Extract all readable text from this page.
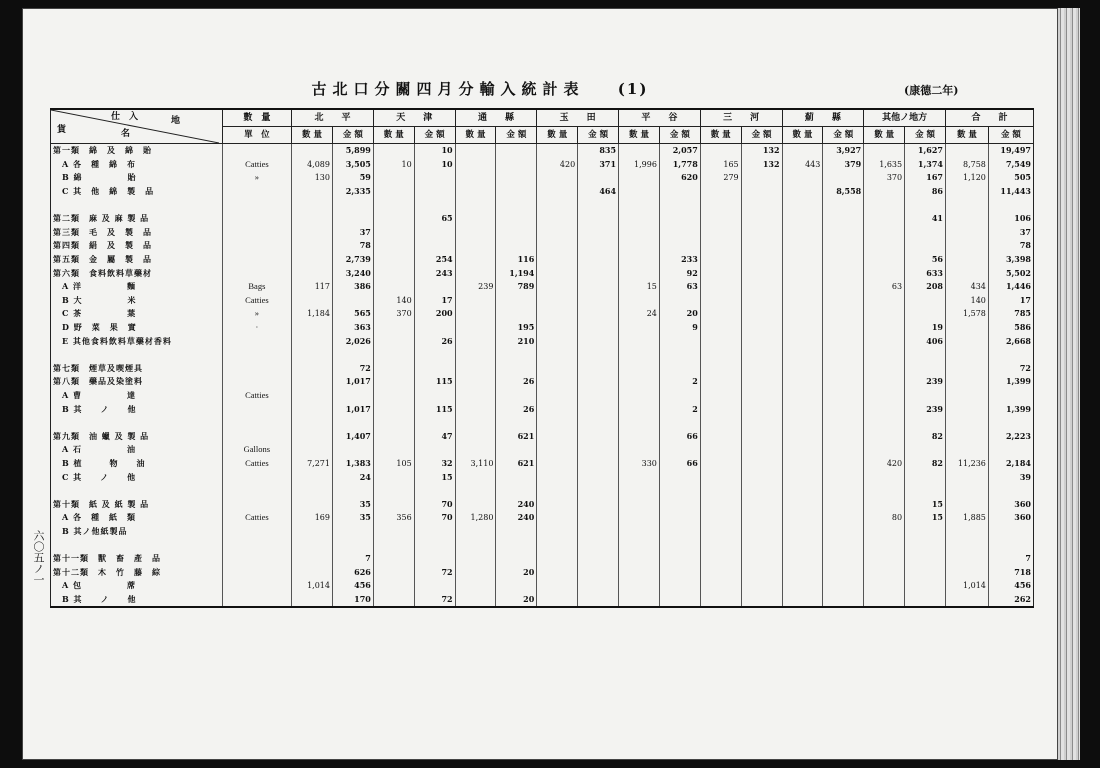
古北口分關四月分輸入統計表 (1)	(康德二年)
六〇五ノ一
仕　入 地
貨 名	數　量	北　　平		天　　津		通　　縣		玉　　田		平　　谷		三　　河		薊　　縣		其他ノ地方		合　　計	
	單　位	數 量	金 額	數 量	金 額	數 量	金 額	數 量	金 額	數 量	金 額	數 量	金 額	數 量	金 額	數 量	金 額	數 量	金 額
第一類　綿　及　綿　貽			5,899		10				835		2,057		132		3,927		1,627		19,497
　A 各　種　綿　布	Catties	4,089	3,505	10	10			420	371	1,996	1,778	165	132	443	379	1,635	1,374	8,758	7,549
　B 綿　　　　　貽	»	130	59								620	279				370	167	1,120	505
　C 其　他　綿　製　品			2,335						464						8,558		86		11,443

第二類　麻 及 麻 製 品					65												41		106
第三類　毛　及　製　品			37																37
第四類　絹　及　製　品			78																78
第五類　金　屬　製　品			2,739		254		116				233						56		3,398
第六類　食料飲料草藥材			3,240		243		1,194				92						633		5,502
　A 洋　　　　　麵	Bags	117	386			239	789			15	63					63	208	434	1,446
　B 大　　　　　米	Catties			140	17													140	17
　C 茶　　　　　葉	»	1,184	565	370	200					24	20							1,578	785
　D 野　菜　果　實	·		363				195				9						19		586
　E 其他食料飲料草藥材香料			2,026		26		210										406		2,668

第七類　煙草及喫煙具			72																72
第八類　藥品及染塗料			1,017		115		26				2						239		1,399
　A 曹　　　　　達	Catties																		
　B 其　　ノ　　他			1,017		115		26				2						239		1,399

第九類　油 蠟 及 製 品			1,407		47		621				66						82		2,223
　A 石　　　　　油	Gallons																		
　B 植　　　物　　油	Catties	7,271	1,383	105	32	3,110	621			330	66					420	82	11,236	2,184
　C 其　　ノ　　他			24		15														39

第十類　紙 及 紙 製 品			35		70		240										15		360
　A 各　種　紙　類	Catties	169	35	356	70	1,280	240									80	15	1,885	360
　B 其ノ他紙製品																			

第十一類　獸　畜　產　品			7																7
第十二類　木　竹　藤　綜			626		72		20												718
　A 包　　　　　蓆		1,014	456															1,014	456
　B 其　　ノ　　他			170		72		20												262
